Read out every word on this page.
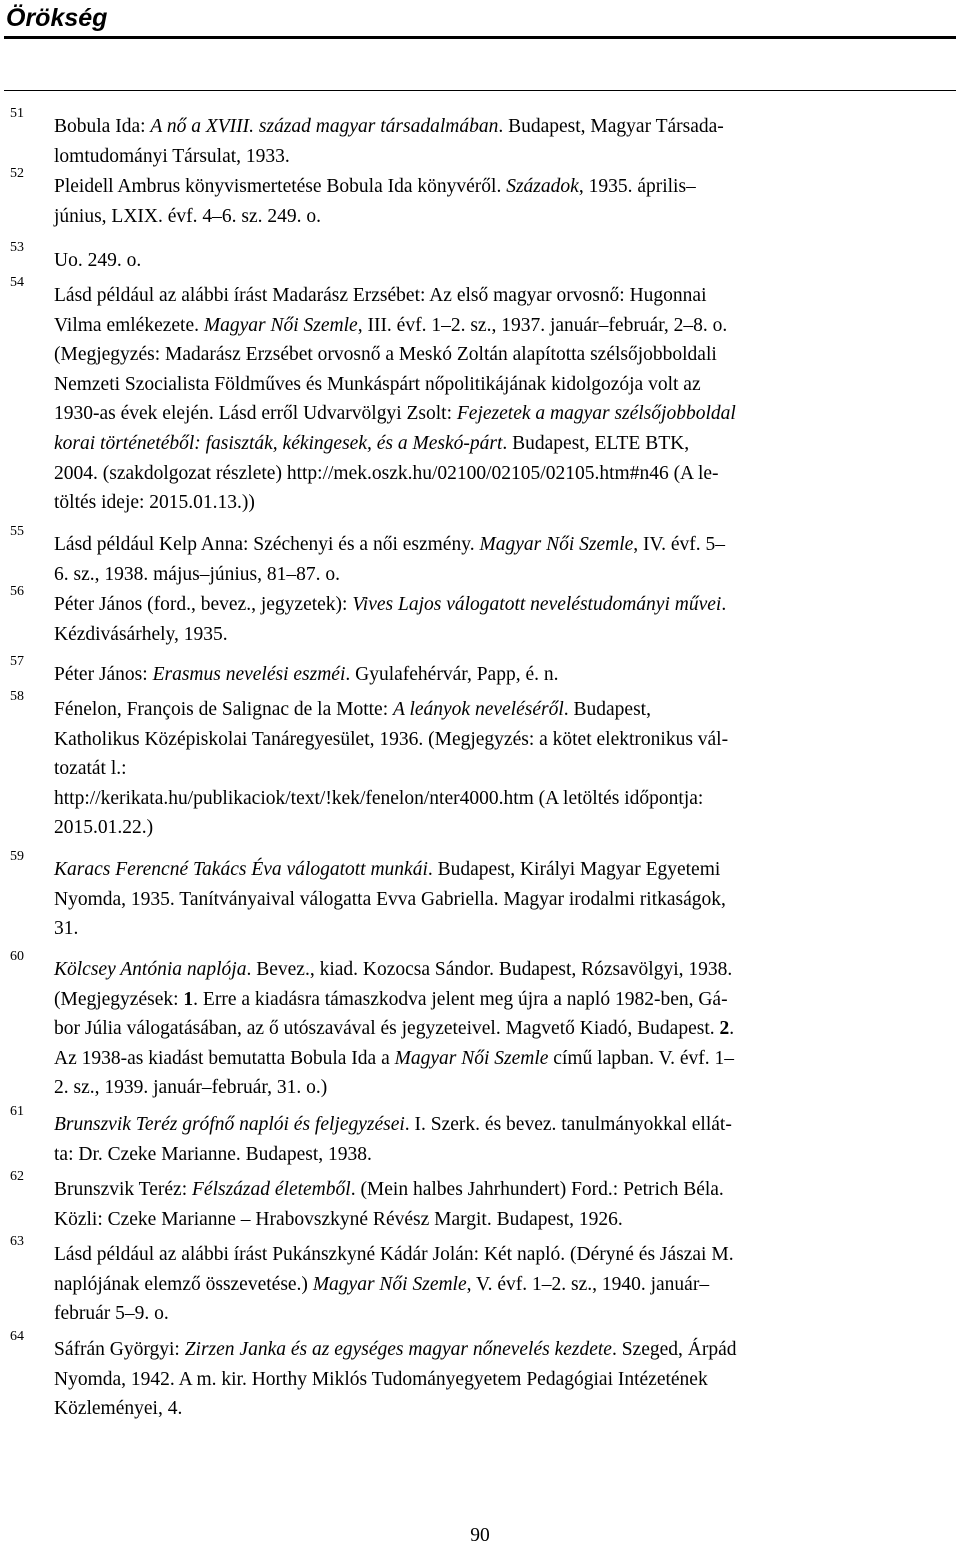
Örökség
51
Bobula Ida: A nő a XVIII. század magyar társadalmában. Budapest, Magyar Társada-
lomtudományi Társulat, 1933.
52
Pleidell Ambrus könyvismertetése Bobula Ida könyvéről. Századok, 1935. április–
június, LXIX. évf. 4–6. sz. 249. o.
53
Uo. 249. o.
54
Lásd például az alábbi írást Madarász Erzsébet: Az első magyar orvosnő: Hugonnai
Vilma emlékezete. Magyar Női Szemle, III. évf. 1–2. sz., 1937. január–február, 2–8. o.
(Megjegyzés: Madarász Erzsébet orvosnő a Meskó Zoltán alapította szélsőjobboldali
Nemzeti Szocialista Földműves és Munkáspárt nőpolitikájának kidolgozója volt az
1930-as évek elején. Lásd erről Udvarvölgyi Zsolt: Fejezetek a magyar szélsőjobboldal
korai történetéből: fasiszták, kékingesek, és a Meskó-párt. Budapest, ELTE BTK,
2004. (szakdolgozat részlete) http://mek.oszk.hu/02100/02105/02105.htm#n46 (A le-
töltés ideje: 2015.01.13.))
55
Lásd például Kelp Anna: Széchenyi és a női eszmény. Magyar Női Szemle, IV. évf. 5–
6. sz., 1938. május–június, 81–87. o.
56
Péter János (ford., bevez., jegyzetek): Vives Lajos válogatott neveléstudományi művei.
Kézdivásárhely, 1935.
57
Péter János: Erasmus nevelési eszméi. Gyulafehérvár, Papp, é. n.
58
Fénelon, François de Salignac de la Motte: A leányok neveléséről. Budapest,
Katholikus Középiskolai Tanáregyesület, 1936. (Megjegyzés: a kötet elektronikus vál-
tozatát l.:
http://kerikata.hu/publikaciok/text/!kek/fenelon/nter4000.htm (A letöltés időpontja:
2015.01.22.)
59
Karacs Ferencné Takács Éva válogatott munkái. Budapest, Királyi Magyar Egyetemi
Nyomda, 1935. Tanítványaival válogatta Evva Gabriella. Magyar irodalmi ritkaságok,
31.
60
Kölcsey Antónia naplója. Bevez., kiad. Kozocsa Sándor. Budapest, Rózsavölgyi, 1938.
(Megjegyzések: 1. Erre a kiadásra támaszkodva jelent meg újra a napló 1982-ben, Gá-
bor Júlia válogatásában, az ő utószavával és jegyzeteivel. Magvető Kiadó, Budapest. 2.
Az 1938-as kiadást bemutatta Bobula Ida a Magyar Női Szemle című lapban. V. évf. 1–
2. sz., 1939. január–február, 31. o.)
61
Brunszvik Teréz grófnő naplói és feljegyzései. I. Szerk. és bevez. tanulmányokkal ellát-
ta: Dr. Czeke Marianne. Budapest, 1938.
62
Brunszvik Teréz: Félszázad életemből. (Mein halbes Jahrhundert) Ford.: Petrich Béla.
Közli: Czeke Marianne – Hrabovszkyné Révész Margit. Budapest, 1926.
63
Lásd például az alábbi írást Pukánszkyné Kádár Jolán: Két napló. (Déryné és Jászai M.
naplójának elemző összevetése.) Magyar Női Szemle, V. évf. 1–2. sz., 1940. január–
február 5–9. o.
64
Sáfrán Györgyi: Zirzen Janka és az egységes magyar nőnevelés kezdete. Szeged, Árpád
Nyomda, 1942. A m. kir. Horthy Miklós Tudományegyetem Pedagógiai Intézetének
Közleményei, 4.
90
